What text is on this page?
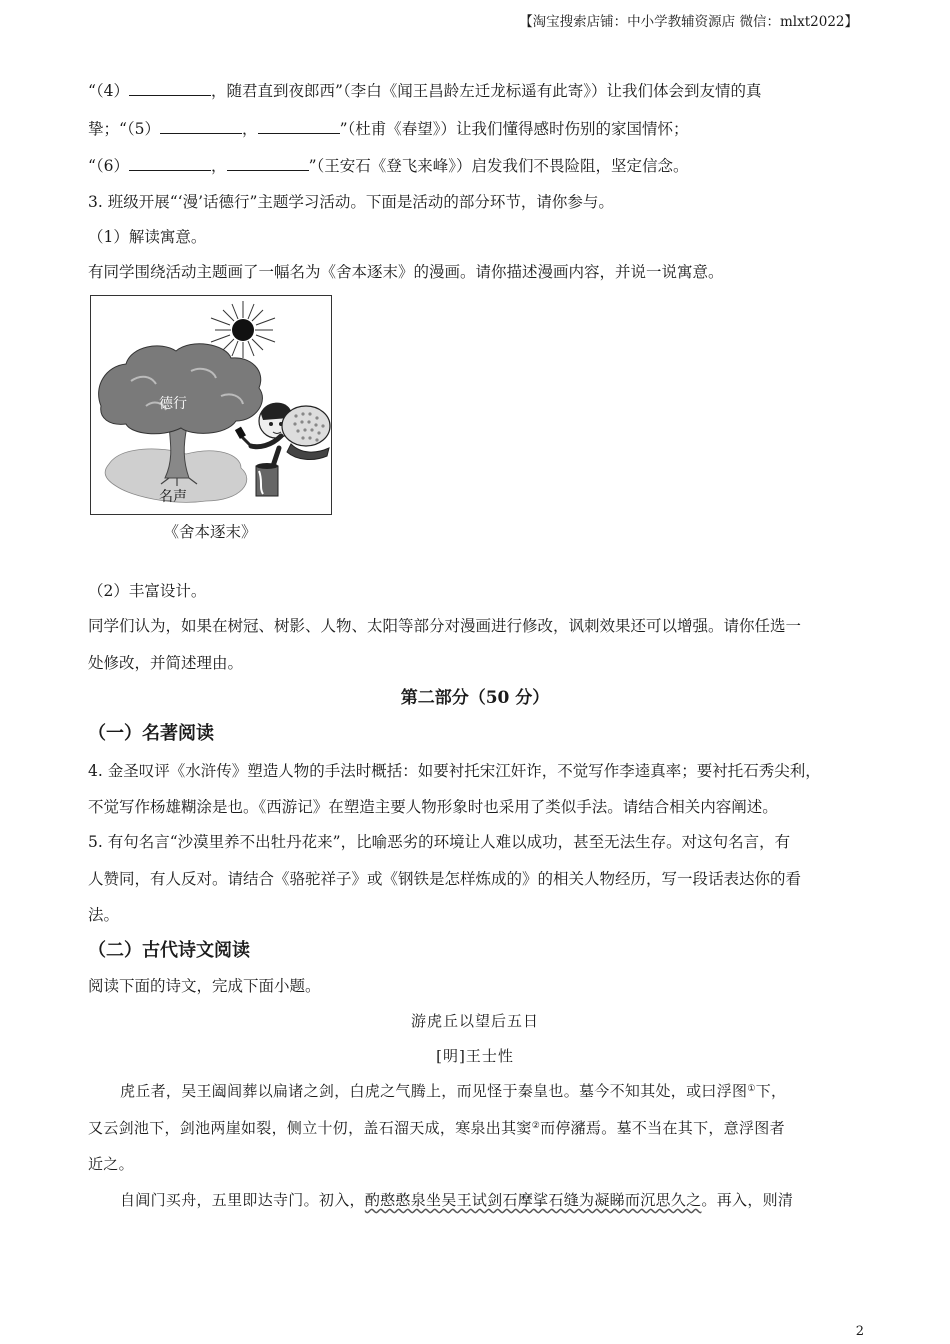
【淘宝搜索店铺：中小学教辅资源店 微信：mlxt2022】
“（4）	，随君直到夜郎西”（李白《闻王昌龄左迁龙标遥有此寄》）让我们体会到友情的真
挚；“（5）	，	”（杜甫《春望》）让我们懂得感时伤别的家国情怀；
“（6）	，	”（王安石《登飞来峰》）启发我们不畏险阻，坚定信念。
3. 班级开展“‘漫’话德行”主题学习活动。下面是活动的部分环节，请你参与。
（1）解读寓意。
有同学围绕活动主题画了一幅名为《舍本逐末》的漫画。请你描述漫画内容，并说一说寓意。
德行
名声
《舍本逐末》
（2）丰富设计。
同学们认为，如果在树冠、树影、人物、太阳等部分对漫画进行修改，讽刺效果还可以增强。请你任选一
处修改，并简述理由。
第二部分（50 分）
（一）名著阅读
4. 金圣叹评《水浒传》塑造人物的手法时概括：如要衬托宋江奸诈，不觉写作李逵真率；要衬托石秀尖利，
不觉写作杨雄糊涂是也。《西游记》在塑造主要人物形象时也采用了类似手法。请结合相关内容阐述。
5. 有句名言“沙漠里养不出牡丹花来”，比喻恶劣的环境让人难以成功，甚至无法生存。对这句名言，有
人赞同，有人反对。请结合《骆驼祥子》或《钢铁是怎样炼成的》的相关人物经历，写一段话表达你的看
法。
（二）古代诗文阅读
阅读下面的诗文，完成下面小题。
游虎丘以望后五日
[明]王士性
虎丘者，吴王阖闾葬以扁诸之剑，白虎之气腾上，而见怪于秦皇也。墓今不知其处，或曰浮图①下，
又云剑池下，剑池两崖如裂，侧立十仞，盖石溜天成，寒泉出其窦②而停瀦焉。墓不当在其下，意浮图者
近之。
自阊门买舟，五里即达寺门。初入，酌憨憨泉坐吴王试剑石摩挲石缝为凝睇而沉思久之。再入，则清
2
